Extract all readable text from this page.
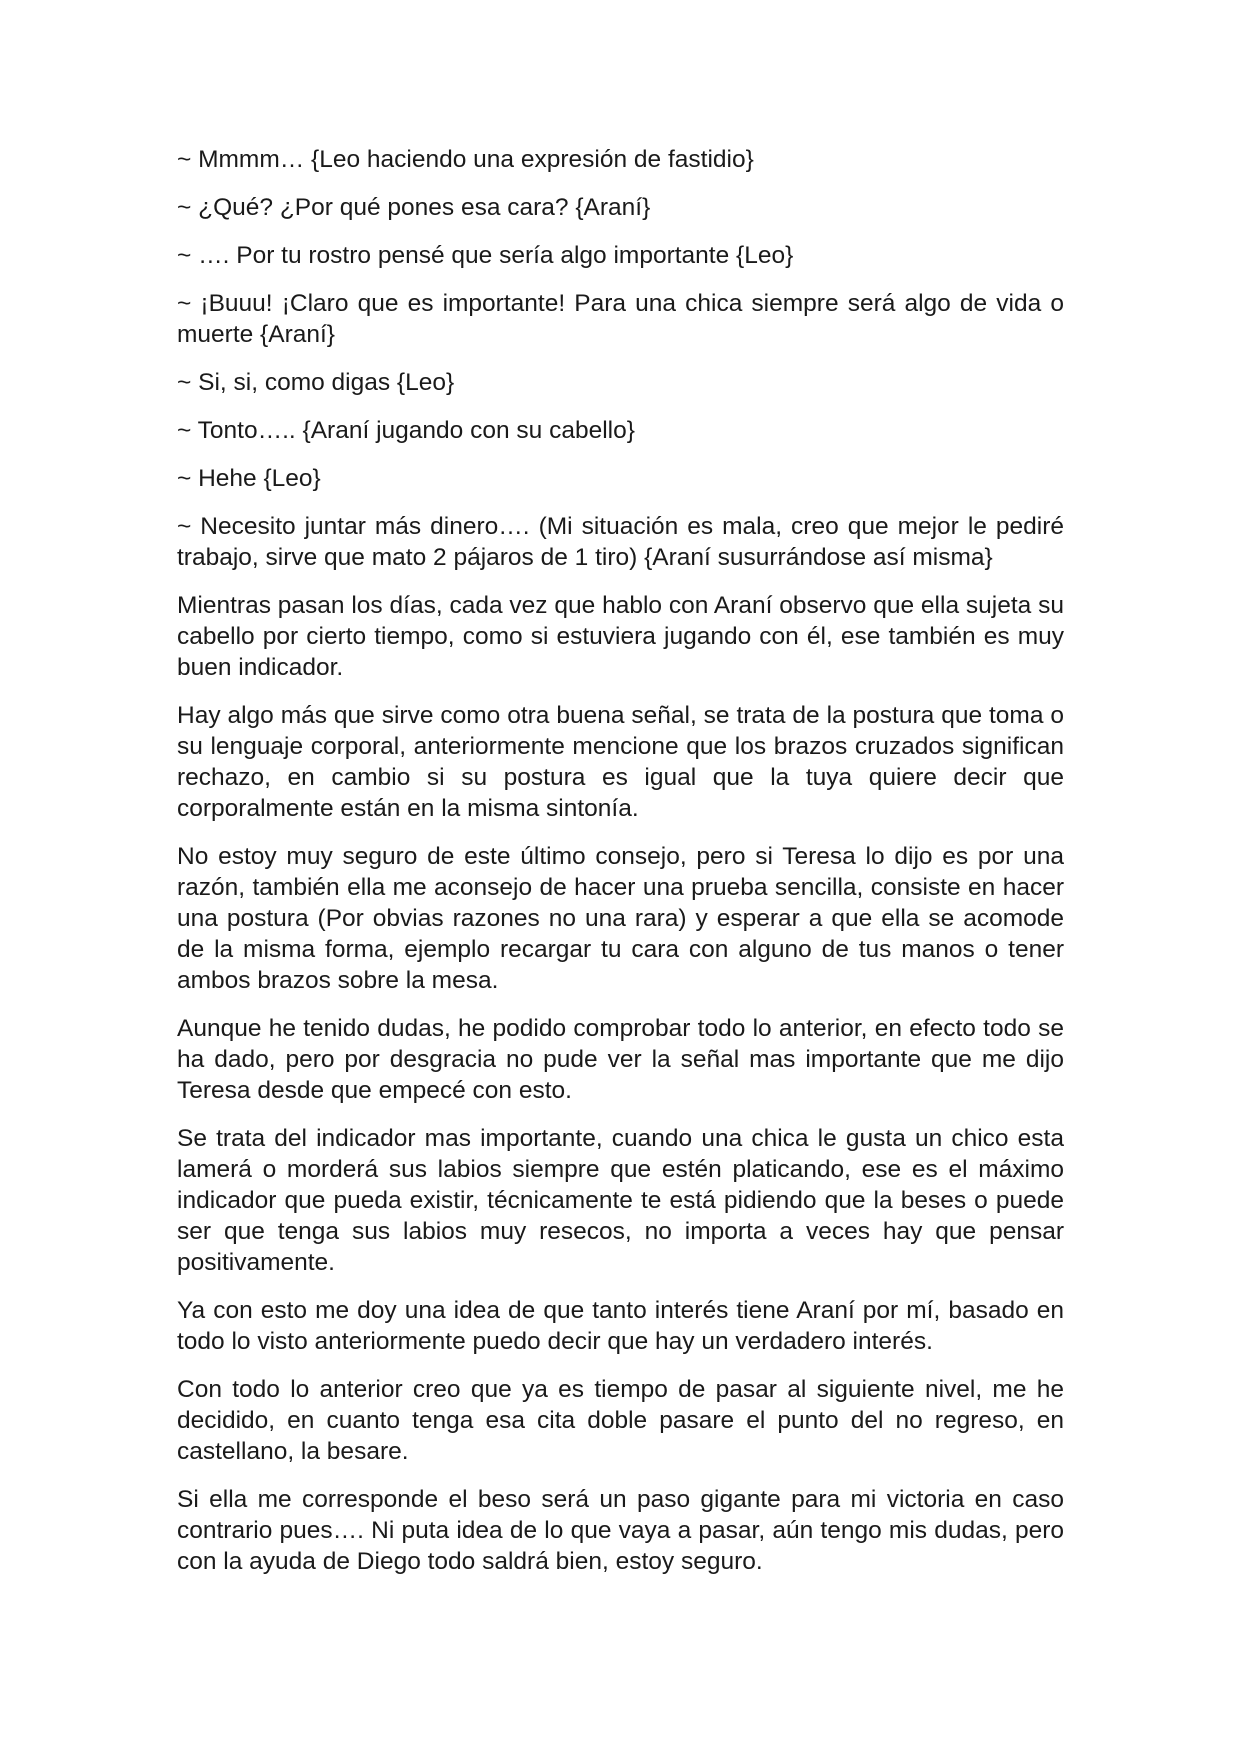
~ Mmmm… {Leo haciendo una expresión de fastidio}

~ ¿Qué? ¿Por qué pones esa cara? {Araní}

~ …. Por tu rostro pensé que sería algo importante {Leo}

~ ¡Buuu! ¡Claro que es importante! Para una chica siempre será algo de vida o muerte {Araní}

~ Si, si, como digas {Leo}

~ Tonto….. {Araní jugando con su cabello}

~ Hehe {Leo}

~ Necesito juntar más dinero…. (Mi situación es mala, creo que mejor le pediré trabajo, sirve que mato 2 pájaros de 1 tiro) {Araní susurrándose así misma}

Mientras pasan los días, cada vez que hablo con Araní observo que ella sujeta su cabello por cierto tiempo, como si estuviera jugando con él, ese también es muy buen indicador.

Hay algo más que sirve como otra buena señal, se trata de la postura que toma o su lenguaje corporal, anteriormente mencione que los brazos cruzados significan rechazo, en cambio si su postura es igual que la tuya quiere decir que corporalmente están en la misma sintonía.

No estoy muy seguro de este último consejo, pero si Teresa lo dijo es por una razón, también ella me aconsejo de hacer una prueba sencilla, consiste en hacer una postura (Por obvias razones no una rara) y esperar a que ella se acomode de la misma forma, ejemplo recargar tu cara con alguno de tus manos o tener ambos brazos sobre la mesa.

Aunque he tenido dudas, he podido comprobar todo lo anterior, en efecto todo se ha dado, pero por desgracia no pude ver la señal mas importante que me dijo Teresa desde que empecé con esto.

Se trata del indicador mas importante, cuando una chica le gusta un chico esta lamerá o morderá sus labios siempre que estén platicando, ese es el máximo indicador que pueda existir, técnicamente te está pidiendo que la beses o puede ser que tenga sus labios muy resecos, no importa a veces hay que pensar positivamente.

Ya con esto me doy una idea de que tanto interés tiene Araní por mí, basado en todo lo visto anteriormente puedo decir que hay un verdadero interés.

Con todo lo anterior creo que ya es tiempo de pasar al siguiente nivel, me he decidido, en cuanto tenga esa cita doble pasare el punto del no regreso, en castellano, la besare.

Si ella me corresponde el beso será un paso gigante para mi victoria en caso contrario pues…. Ni puta idea de lo que vaya a pasar, aún tengo mis dudas, pero con la ayuda de Diego todo saldrá bien, estoy seguro.
